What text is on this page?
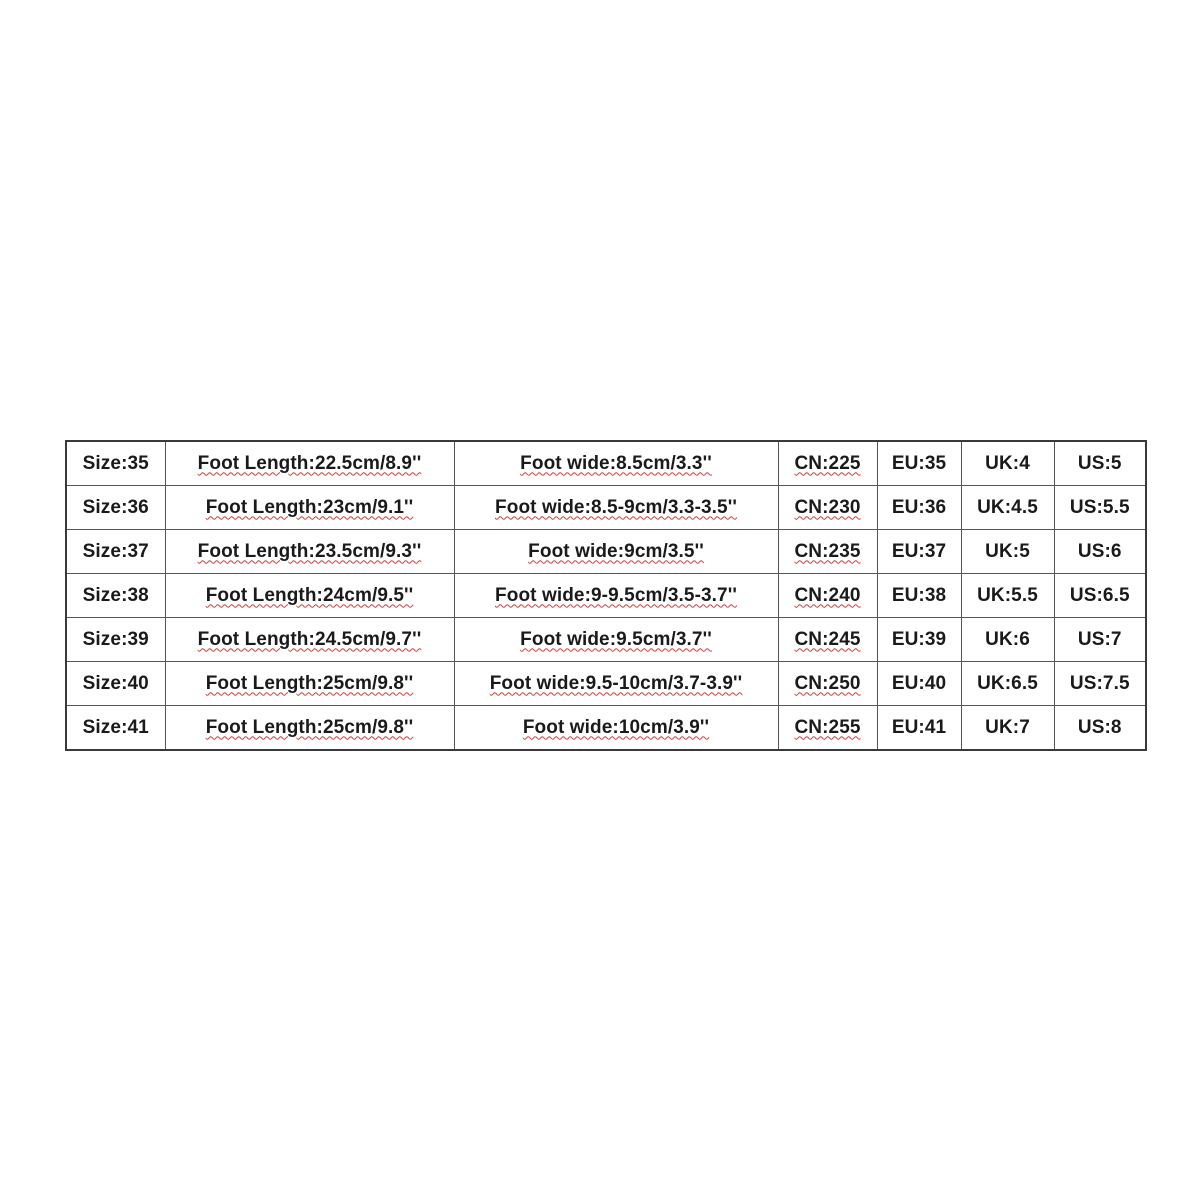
Size:35	Foot Length:22.5cm/8.9''	Foot wide:8.5cm/3.3''	CN:225	EU:35	UK:4	US:5
Size:36	Foot Length:23cm/9.1''	Foot wide:8.5-9cm/3.3-3.5''	CN:230	EU:36	UK:4.5	US:5.5
Size:37	Foot Length:23.5cm/9.3''	Foot wide:9cm/3.5''	CN:235	EU:37	UK:5	US:6
Size:38	Foot Length:24cm/9.5''	Foot wide:9-9.5cm/3.5-3.7''	CN:240	EU:38	UK:5.5	US:6.5
Size:39	Foot Length:24.5cm/9.7''	Foot wide:9.5cm/3.7''	CN:245	EU:39	UK:6	US:7
Size:40	Foot Length:25cm/9.8''	Foot wide:9.5-10cm/3.7-3.9''	CN:250	EU:40	UK:6.5	US:7.5
Size:41	Foot Length:25cm/9.8''	Foot wide:10cm/3.9''	CN:255	EU:41	UK:7	US:8
